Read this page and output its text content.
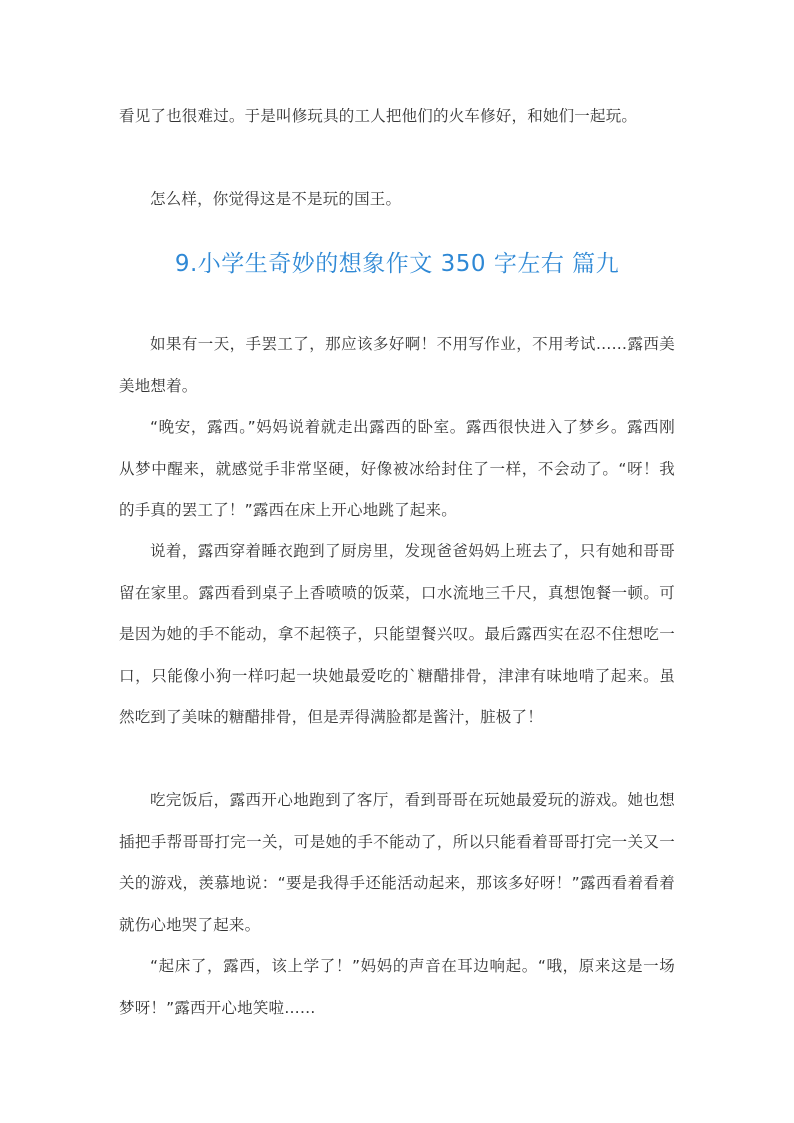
看见了也很难过。于是叫修玩具的工人把他们的火车修好，和她们一起玩。

怎么样，你觉得这是不是玩的国王。

9.小学生奇妙的想象作文 350 字左右 篇九

如果有一天，手罢工了，那应该多好啊！不用写作业，不用考试……露西美美地想着。

“晚安，露西。”妈妈说着就走出露西的卧室。露西很快进入了梦乡。露西刚从梦中醒来，就感觉手非常坚硬，好像被冰给封住了一样，不会动了。“呀！我的手真的罢工了！”露西在床上开心地跳了起来。

说着，露西穿着睡衣跑到了厨房里，发现爸爸妈妈上班去了，只有她和哥哥留在家里。露西看到桌子上香喷喷的饭菜，口水流地三千尺，真想饱餐一顿。可是因为她的手不能动，拿不起筷子，只能望餐兴叹。最后露西实在忍不住想吃一口，只能像小狗一样叼起一块她最爱吃的`糖醋排骨，津津有味地啃了起来。虽然吃到了美味的糖醋排骨，但是弄得满脸都是酱汁，脏极了！

吃完饭后，露西开心地跑到了客厅，看到哥哥在玩她最爱玩的游戏。她也想插把手帮哥哥打完一关，可是她的手不能动了，所以只能看着哥哥打完一关又一关的游戏，羡慕地说：“要是我得手还能活动起来，那该多好呀！”露西看着看着就伤心地哭了起来。

“起床了，露西，该上学了！”妈妈的声音在耳边响起。“哦，原来这是一场梦呀！”露西开心地笑啦……
